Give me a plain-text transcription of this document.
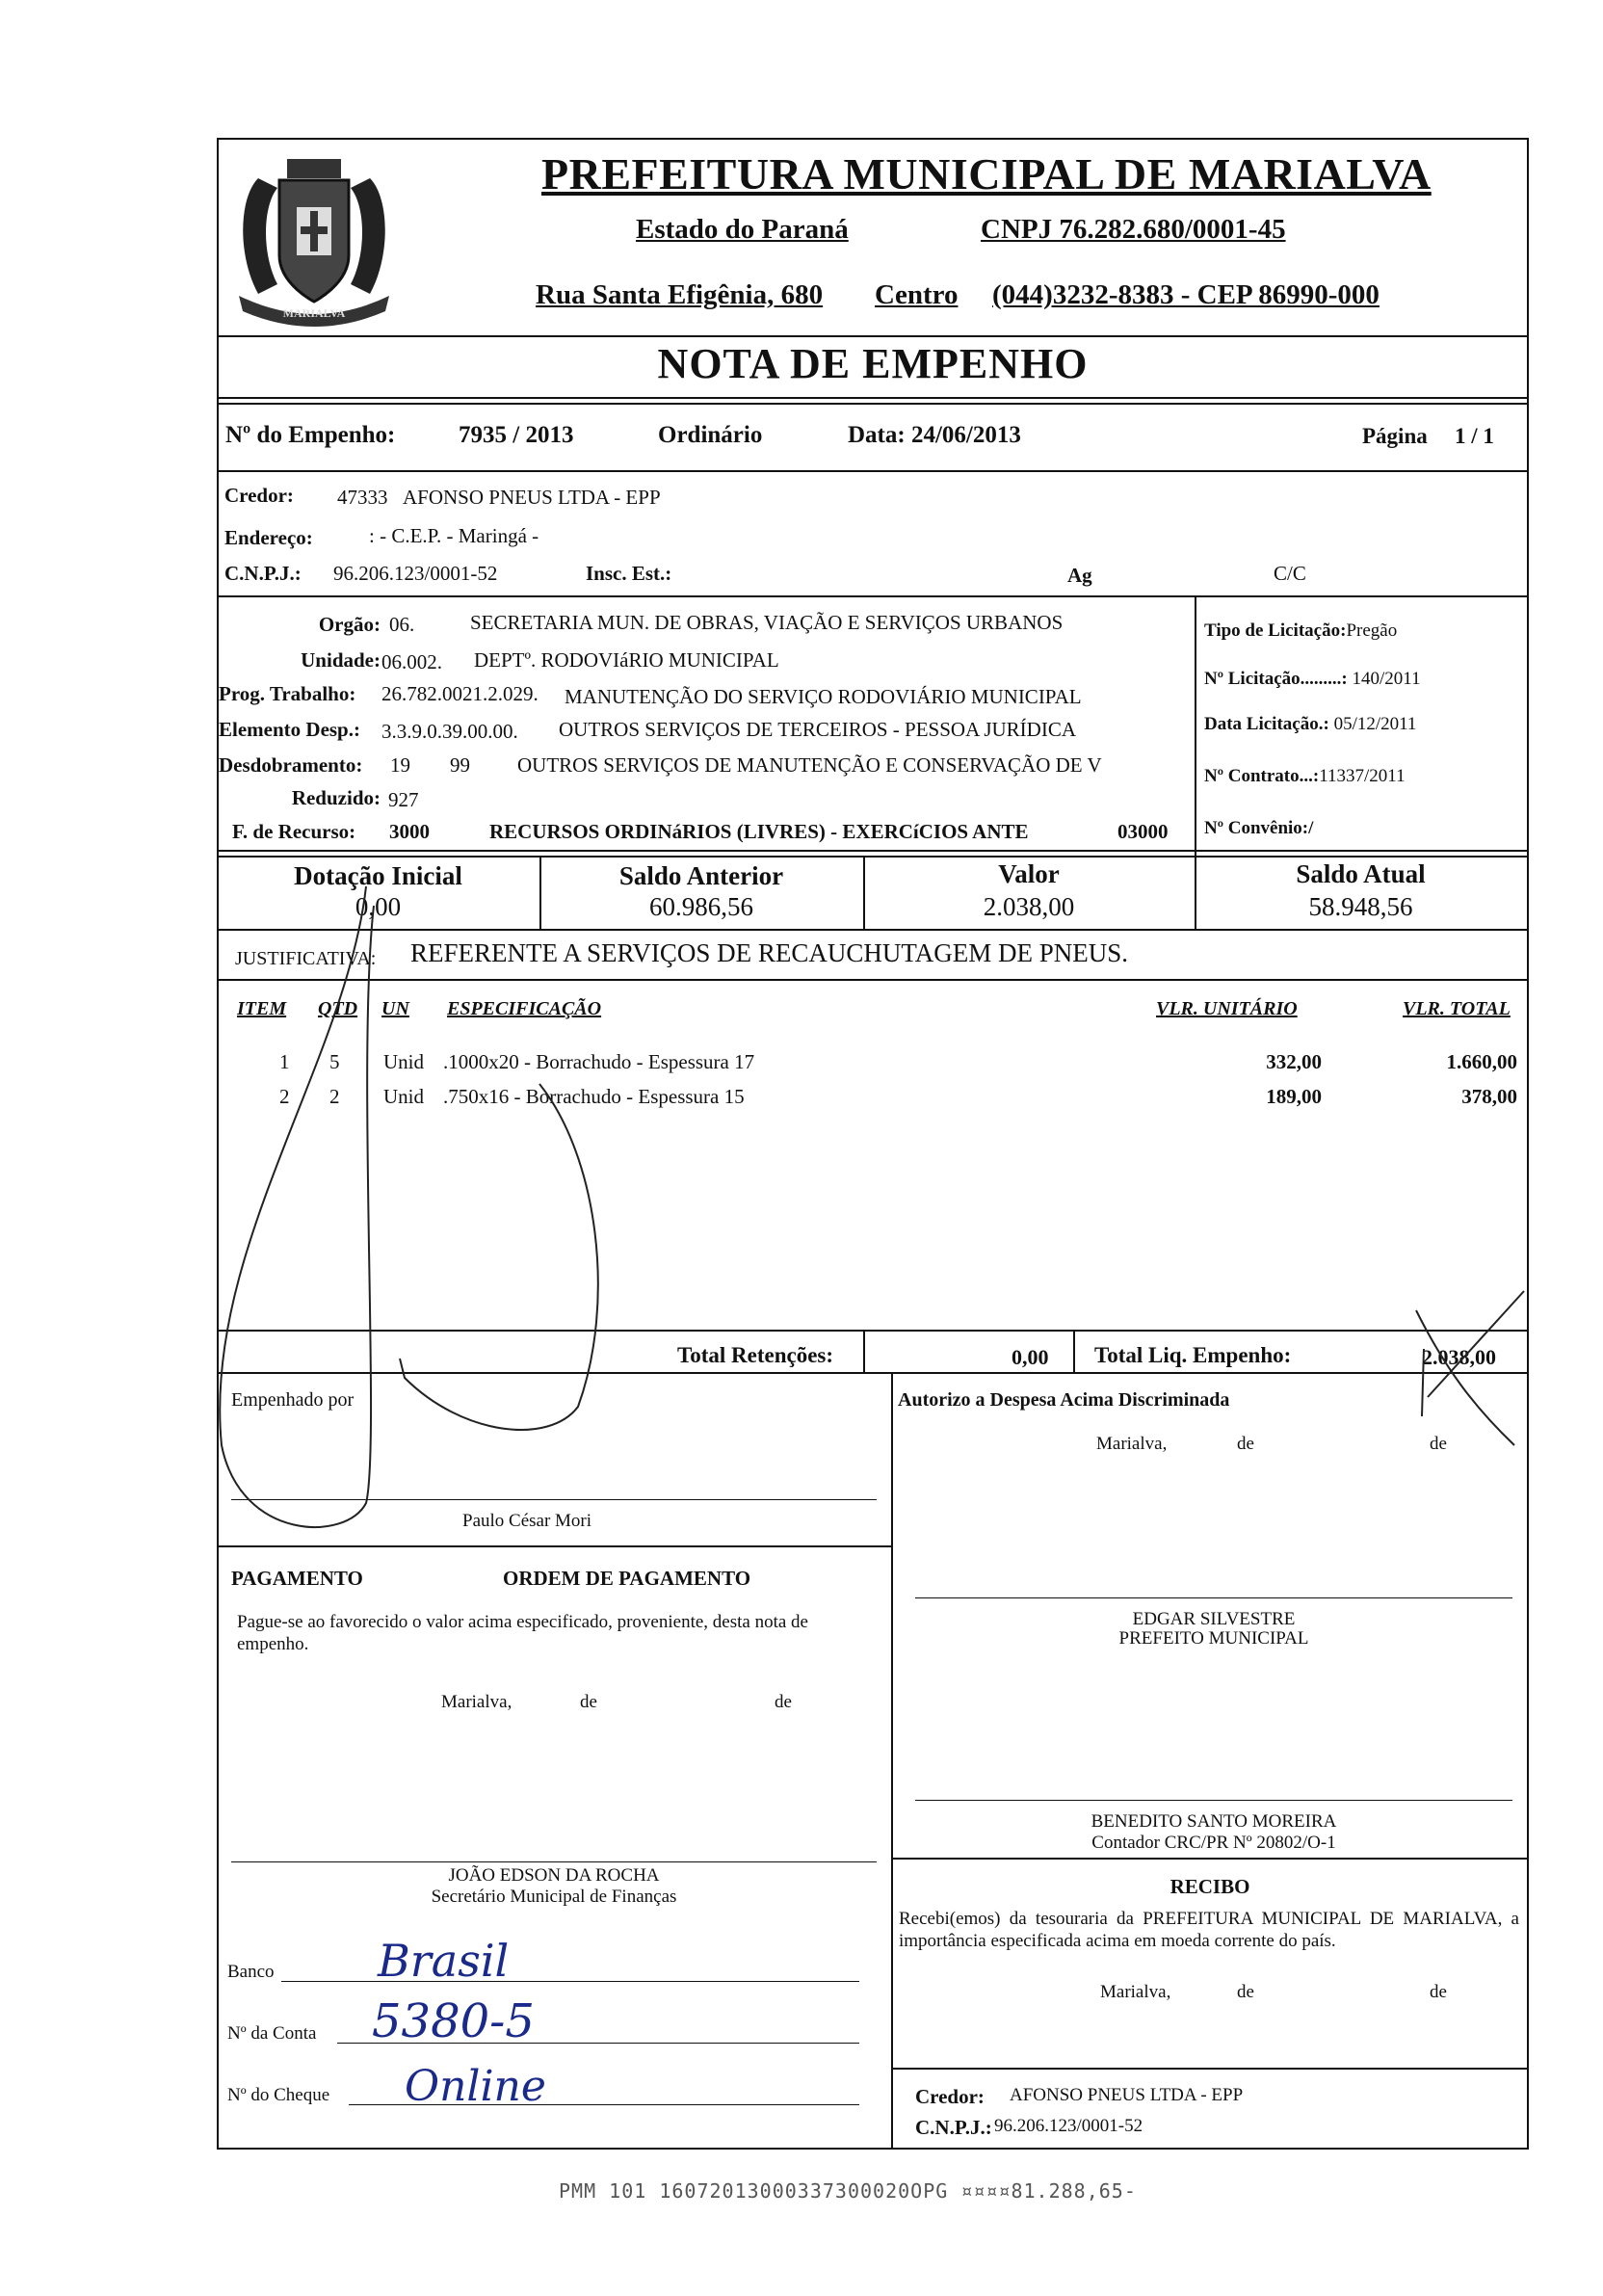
MARIALVA
PREFEITURA MUNICIPAL DE MARIALVA
Estado do Paraná	CNPJ 76.282.680/0001-45
Rua Santa Efigênia, 680 Centro (044)3232-8383 - CEP 86990-000
NOTA DE EMPENHO
Nº do Empenho:	7935 / 2013	Ordinário	Data: 24/06/2013	Página 1 / 1
Credor: 47333 AFONSO PNEUS LTDA - EPP
Endereço:	: - C.E.P. - Maringá -
C.N.P.J.: 96.206.123/0001-52	Insc. Est.:	Ag	C/C
Orgão: 06.	SECRETARIA MUN. DE OBRAS, VIAÇÃO E SERVIÇOS URBANOS
Unidade: 06.002. DEPTº. RODOVIáRIO MUNICIPAL
Prog. Trabalho: 26.782.0021.2.029. MANUTENÇÃO DO SERVIÇO RODOVIÁRIO MUNICIPAL
Elemento Desp.: 3.3.9.0.39.00.00. OUTROS SERVIÇOS DE TERCEIROS - PESSOA JURÍDICA
Desdobramento: 19 99 OUTROS SERVIÇOS DE MANUTENÇÃO E CONSERVAÇÃO DE V
Reduzido: 927
F. de Recurso: 3000	RECURSOS ORDINáRIOS (LIVRES) - EXERCíCIOS ANTE	03000
Tipo de Licitação:Pregão
Nº Licitação.........: 140/2011
Data Licitação.: 05/12/2011
Nº Contrato...:11337/2011
Nº Convênio:/
Dotação Inicial
0,00
Saldo Anterior
60.986,56
Valor
2.038,00
Saldo Atual
58.948,56
JUSTIFICATIVA: REFERENTE A SERVIÇOS DE RECAUCHUTAGEM DE PNEUS.
ITEM QTD UN ESPECIFICAÇÃO	VLR. UNITÁRIO	VLR. TOTAL
1 5 Unid .1000x20 - Borrachudo - Espessura 17	332,00	1.660,00
2 2 Unid .750x16 - Borrachudo - Espessura 15	189,00	378,00
Total Retenções:	0,00 Total Liq. Empenho:	2.038,00
Empenhado por
Paulo César Mori
Autorizo a Despesa Acima Discriminada
Marialva,	de	de
PAGAMENTO	ORDEM DE PAGAMENTO
Pague-se ao favorecido o valor acima especificado, proveniente, desta nota de empenho.
Marialva,	de	de
EDGAR SILVESTRE
PREFEITO MUNICIPAL
BENEDITO SANTO MOREIRA
Contador CRC/PR Nº 20802/O-1
RECIBO
Recebi(emos) da tesouraria da PREFEITURA MUNICIPAL DE MARIALVA, a importância especificada acima em moeda corrente do país.
Marialva,	de	de
Credor: AFONSO PNEUS LTDA - EPP
C.N.P.J.: 96.206.123/0001-52
JOÃO EDSON DA ROCHA
Secretário Municipal de Finanças
Banco Brasil
Nº da Conta 5380-5
Nº do Cheque Online
PMM 101 16072013000337300020OPG ¤¤¤¤81.288,65-
